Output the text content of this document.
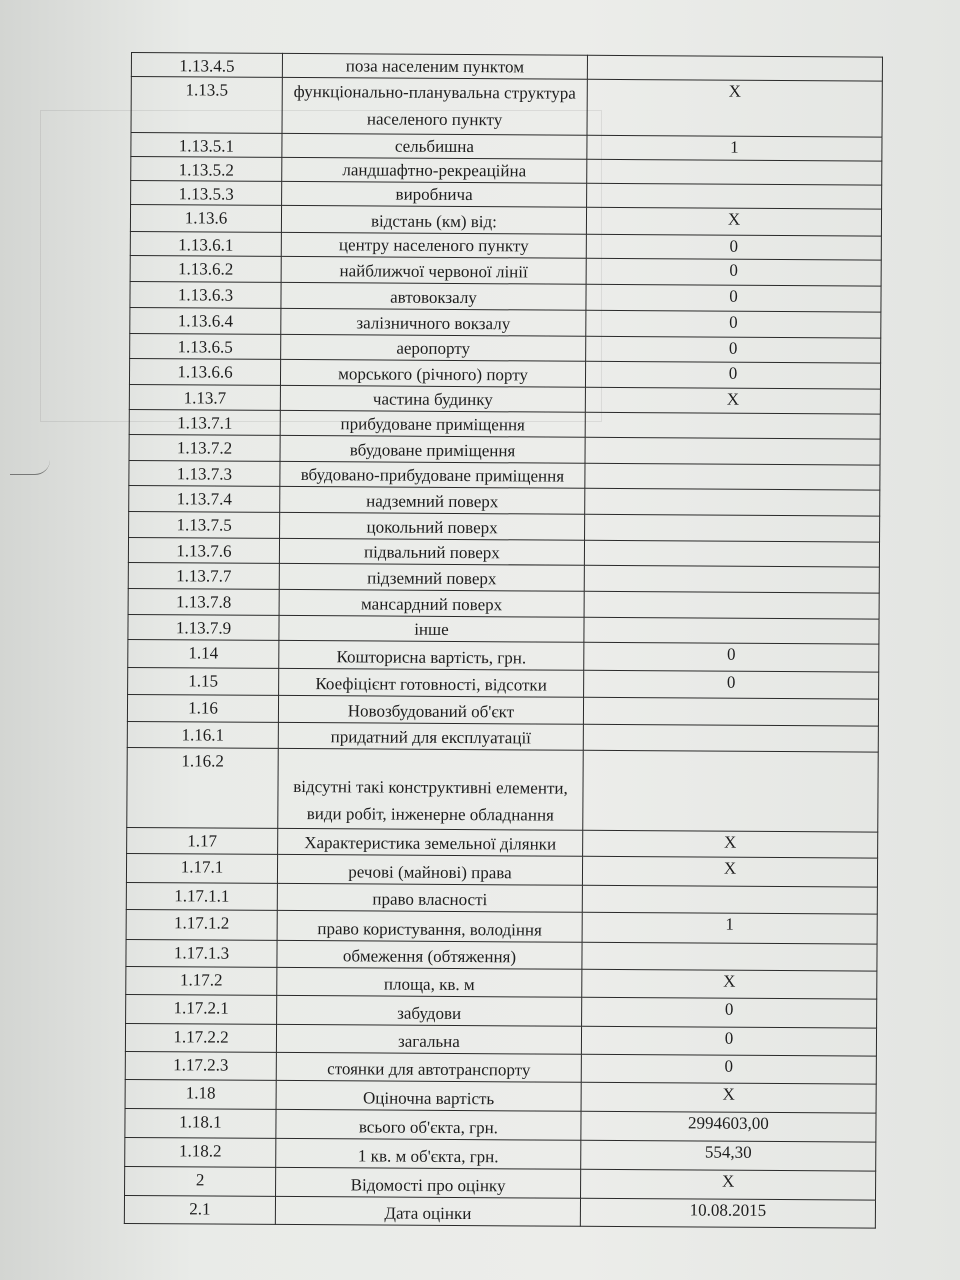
1.13.4.5	поза населеним пунктом	
1.13.5	функціонально-планувальна структура населеного пункту	Х
1.13.5.1	сельбишна	1
1.13.5.2	ландшафтно-рекреаційна	
1.13.5.3	виробнича	
1.13.6	відстань (км) від:	Х
1.13.6.1	центру населеного пункту	0
1.13.6.2	найближчої червоної лінії	0
1.13.6.3	автовокзалу	0
1.13.6.4	залізничного вокзалу	0
1.13.6.5	аеропорту	0
1.13.6.6	морського (річного) порту	0
1.13.7	частина будинку	Х
1.13.7.1	прибудоване приміщення	
1.13.7.2	вбудоване приміщення	
1.13.7.3	вбудовано-прибудоване приміщення	
1.13.7.4	надземний поверх	
1.13.7.5	цокольний поверх	
1.13.7.6	підвальний поверх	
1.13.7.7	підземний поверх	
1.13.7.8	мансардний поверх	
1.13.7.9	інше	
1.14	Кошторисна вартість, грн.	0
1.15	Коефіцієнт готовності, відсотки	0
1.16	Новозбудований об'єкт	
1.16.1	придатний для експлуатації	
1.16.2	відсутні такі конструктивні елементи, види робіт, інженерне обладнання	
1.17	Характеристика земельної ділянки	Х
1.17.1	речові (майнові) права	Х
1.17.1.1	право власності	
1.17.1.2	право користування, володіння	1
1.17.1.3	обмеження (обтяження)	
1.17.2	площа, кв. м	Х
1.17.2.1	забудови	0
1.17.2.2	загальна	0
1.17.2.3	стоянки для автотранспорту	0
1.18	Оціночна вартість	Х
1.18.1	всього об'єкта, грн.	2994603,00
1.18.2	1 кв. м об'єкта, грн.	554,30
2	Відомості про оцінку	Х
2.1	Дата оцінки	10.08.2015
